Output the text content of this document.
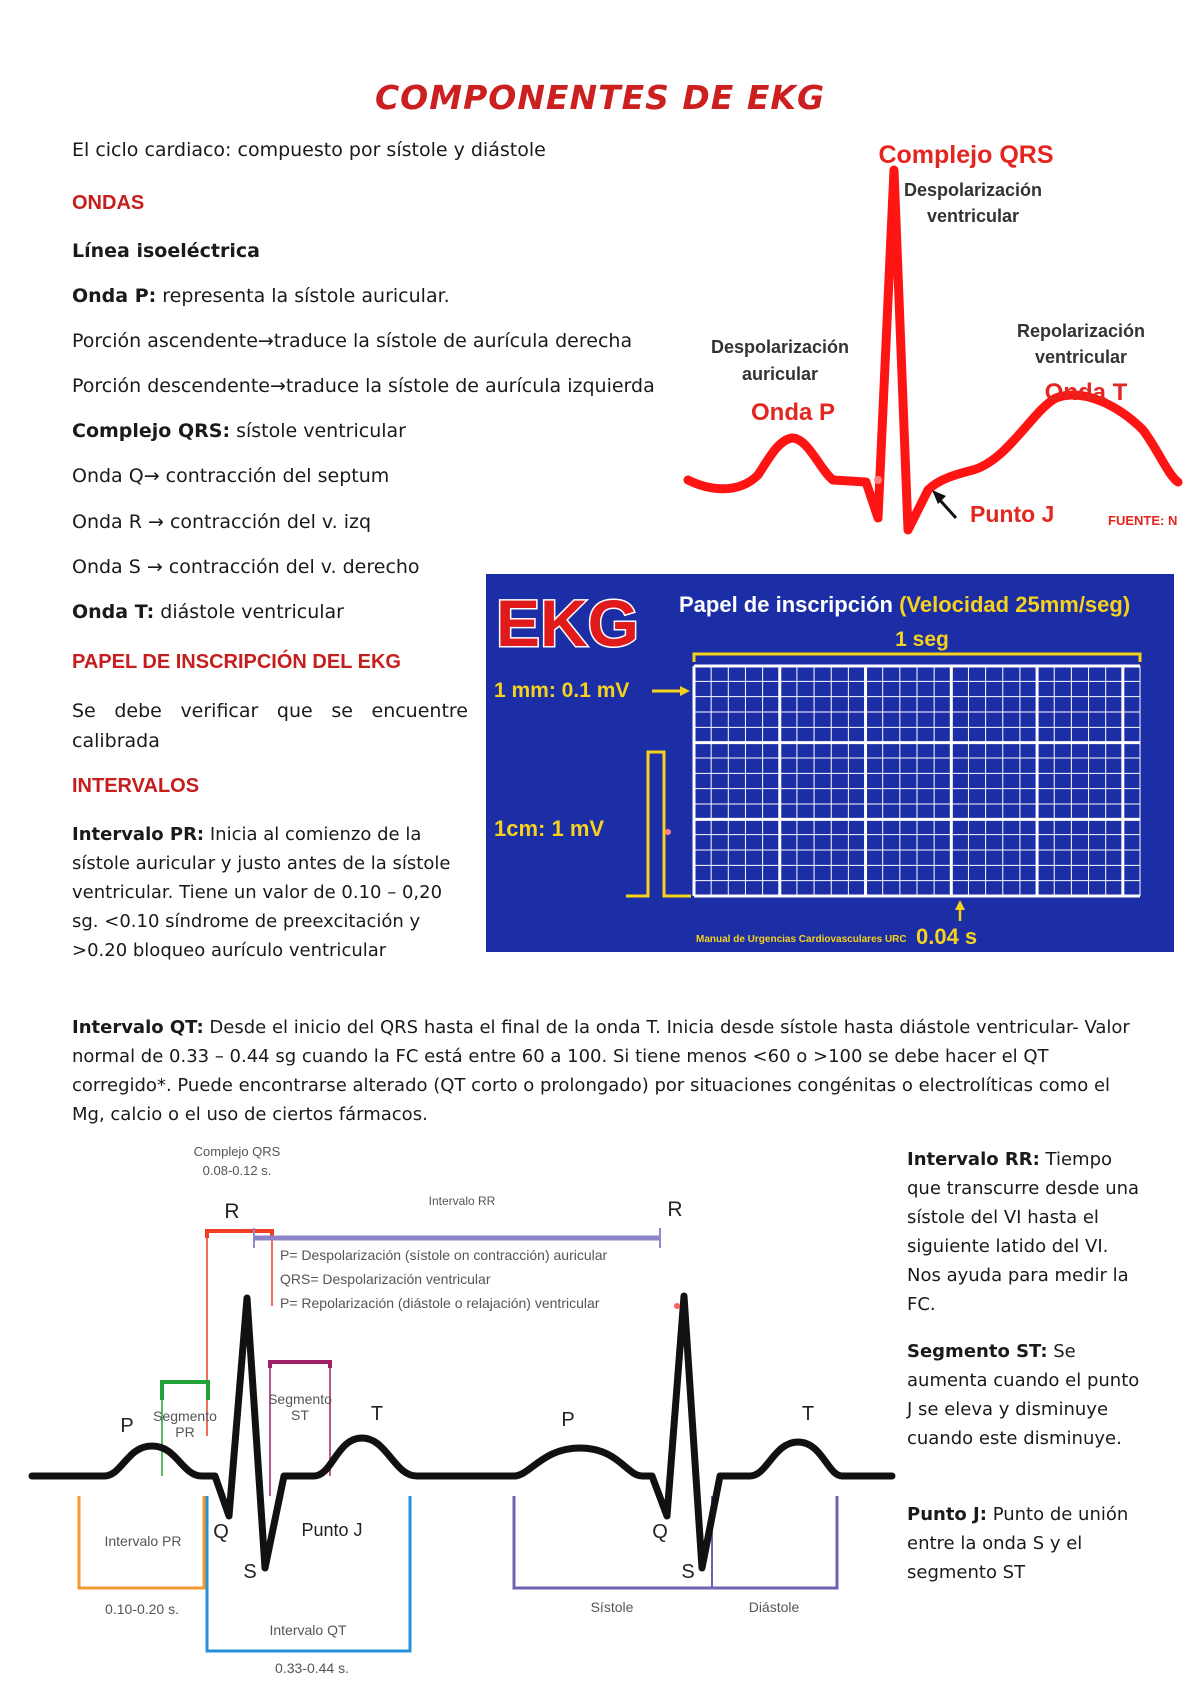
COMPONENTES DE EKG
El ciclo cardiaco: compuesto por sístole y diástole
ONDAS
Línea isoeléctrica
Onda P: representa la sístole auricular.
Porción ascendente→traduce la sístole de aurícula derecha
Porción descendente→traduce la sístole de aurícula izquierda
Complejo QRS: sístole ventricular
Onda Q→ contracción del septum
Onda R → contracción del v. izq
Onda S → contracción del v. derecho
Onda T: diástole ventricular
PAPEL DE INSCRIPCIÓN DEL EKG
Se debe verificar que se encuentre calibrada
INTERVALOS
Intervalo PR: Inicia al comienzo de la sístole auricular y justo antes de la sístole ventricular. Tiene un valor de 0.10 – 0,20 sg. <0.10 síndrome de preexcitación y >0.20 bloqueo aurículo ventricular
Intervalo QT: Desde el inicio del QRS hasta el final de la onda T. Inicia desde sístole hasta diástole ventricular- Valor normal de 0.33 – 0.44 sg cuando la FC está entre 60 a 100. Si tiene menos <60 o >100 se debe hacer el QT corregido*. Puede encontrarse alterado (QT corto o prolongado) por situaciones congénitas o electrolíticas como el Mg, calcio o el uso de ciertos fármacos.
Intervalo RR: Tiempo que transcurre desde una sístole del VI hasta el siguiente latido del VI. Nos ayuda para medir la FC.
Segmento ST: Se aumenta cuando el punto J se eleva y disminuye cuando este disminuye.
Punto J: Punto de unión entre la onda S y el segmento ST
Complejo QRS
Despolarización
ventricular
Despolarización
auricular
Onda P
Repolarización
ventricular
Onda T
Punto J	FUENTE: N
EKG Papel de inscripción (Velocidad 25mm/seg)
1 seg
1 mm: 0.1 mV
1cm: 1 mV
Manual de Urgencias Cardiovasculares URC 0.04 s
Complejo QRS
0.08-0.12 s.
Intervalo RR
R	R
P= Despolarización (sístole on contracción) auricular
QRS= Despolarización ventricular
P= Repolarización (diástole o relajación) ventricular
Segmento
PR
Segmento
ST
P
T	P	T
Q	Q
S	S
Punto J
Intervalo PR
0.10-0.20 s.
Intervalo QT
0.33-0.44 s.
Sístole	Diástole
